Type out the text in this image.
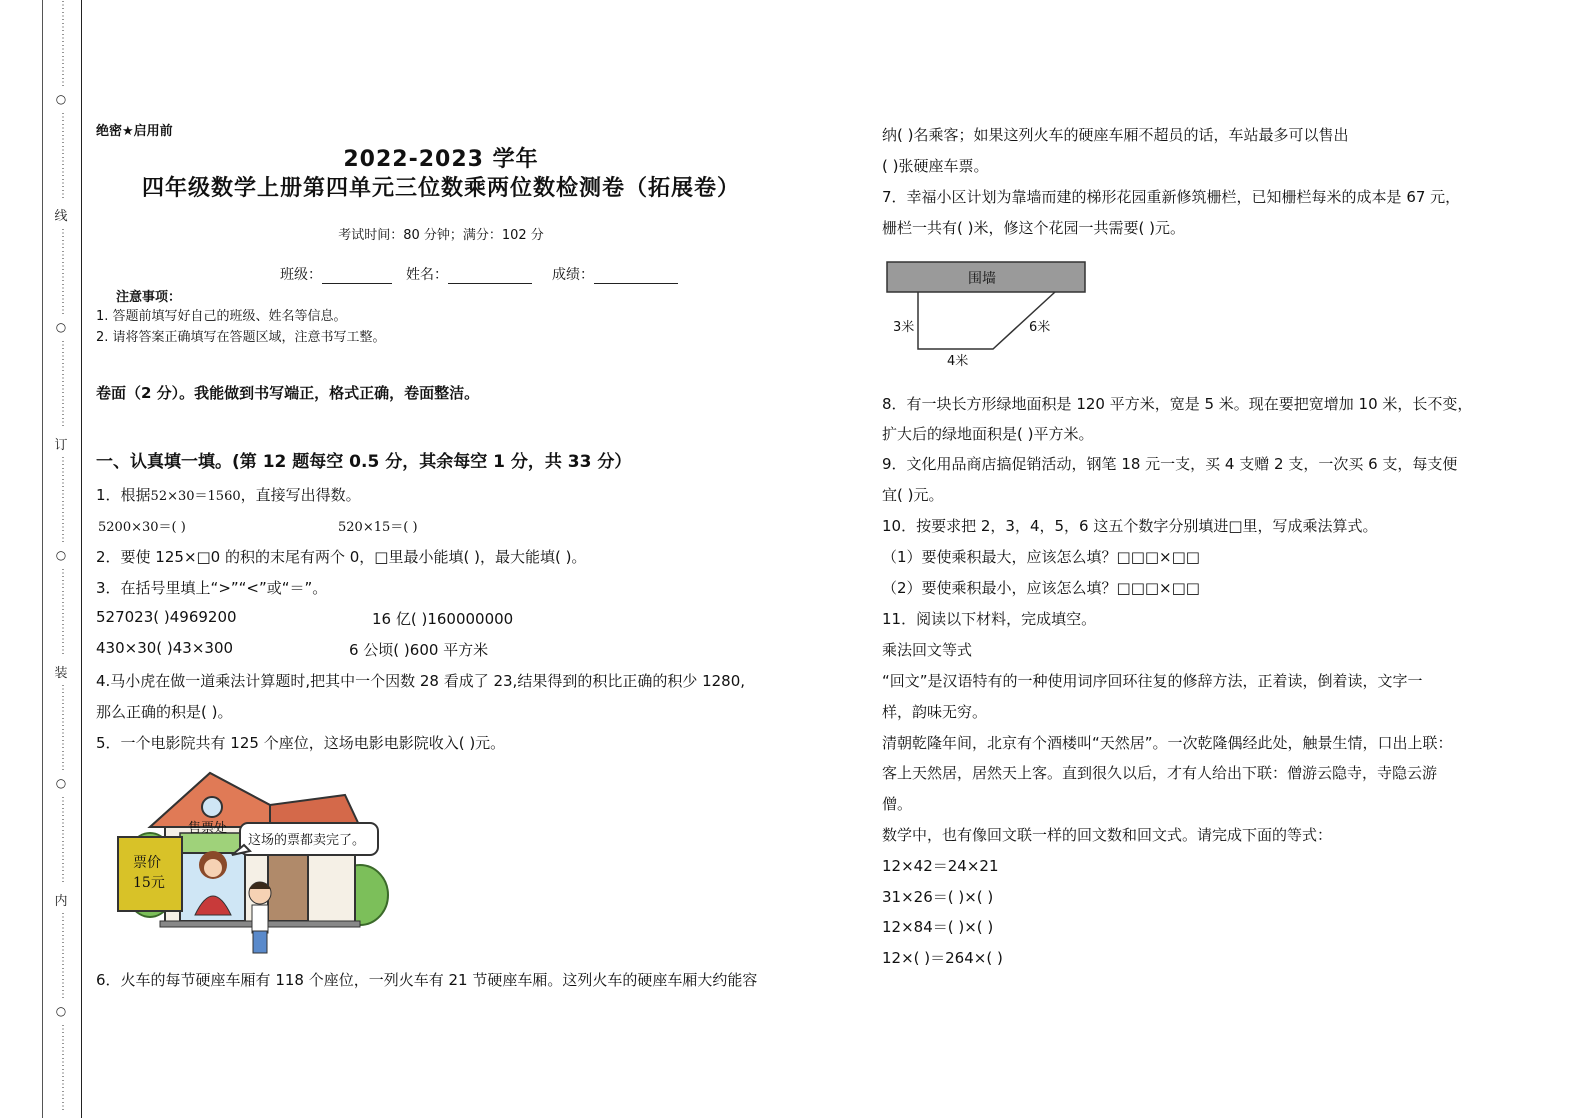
⋮
⋮
⋮
⋮
⋮
⋮
⋮
⋮
○
⋮
⋮
⋮
⋮
⋮
⋮
⋮
⋮
线
⋮
⋮
⋮
⋮
⋮
⋮
⋮
⋮
○
⋮
⋮
⋮
⋮
⋮
⋮
⋮
⋮
订
⋮
⋮
⋮
⋮
⋮
⋮
⋮
⋮
○
⋮
⋮
⋮
⋮
⋮
⋮
⋮
⋮
装
⋮
⋮
⋮
⋮
⋮
⋮
⋮
⋮
○
⋮
⋮
⋮
⋮
⋮
⋮
⋮
⋮
内
⋮
⋮
⋮
⋮
⋮
⋮
⋮
⋮
○
⋮
⋮
⋮
⋮
⋮
⋮
⋮
⋮
绝密★启用前
2022-2023 学年
四年级数学上册第四单元三位数乘两位数检测卷（拓展卷）
考试时间：80 分钟；满分：102 分
班级：	姓名：	成绩：
注意事项：
1. 答题前填写好自己的班级、姓名等信息。
2. 请将答案正确填写在答题区域，注意书写工整。
卷面（2 分）。我能做到书写端正，格式正确，卷面整洁。
一、认真填一填。(第 12 题每空 0.5 分，其余每空 1 分，共 33 分）
1．根据52×30＝1560，直接写出得数。
5200×30＝( )	520×15＝( )
2．要使 125×□0 的积的末尾有两个 0，□里最小能填( )，最大能填( )。
3．在括号里填上“>”“<”或“＝”。
527023( )4969200	16 亿( )160000000
430×30( )43×300	6 公顷( )600 平方米
4.马小虎在做一道乘法计算题时,把其中一个因数 28 看成了 23,结果得到的积比正确的积少 1280,
那么正确的积是( )。
5．一个电影院共有 125 个座位，这场电影电影院收入( )元。
售票处
这场的票都卖完了。
票价
15元
6．火车的每节硬座车厢有 118 个座位，一列火车有 21 节硬座车厢。这列火车的硬座车厢大约能容
纳( )名乘客；如果这列火车的硬座车厢不超员的话，车站最多可以售出
( )张硬座车票。
7．幸福小区计划为靠墙而建的梯形花园重新修筑栅栏，已知栅栏每米的成本是 67 元，
栅栏一共有( )米，修这个花园一共需要( )元。
围墙
3米
4米
6米
8．有一块长方形绿地面积是 120 平方米，宽是 5 米。现在要把宽增加 10 米，长不变，
扩大后的绿地面积是( )平方米。
9．文化用品商店搞促销活动，钢笔 18 元一支，买 4 支赠 2 支，一次买 6 支，每支便
宜( )元。
10．按要求把 2，3，4，5，6 这五个数字分别填进□里，写成乘法算式。
（1）要使乘积最大，应该怎么填？□□□×□□
（2）要使乘积最小，应该怎么填？□□□×□□
11．阅读以下材料，完成填空。
乘法回文等式
“回文”是汉语特有的一种使用词序回环往复的修辞方法，正着读，倒着读，文字一
样，韵味无穷。
清朝乾隆年间，北京有个酒楼叫“天然居”。一次乾隆偶经此处，触景生情，口出上联：
客上天然居，居然天上客。直到很久以后，才有人给出下联：僧游云隐寺，寺隐云游
僧。
数学中，也有像回文联一样的回文数和回文式。请完成下面的等式：
12×42＝24×21
31×26＝( )×( )
12×84＝( )×( )
12×( )＝264×( )
